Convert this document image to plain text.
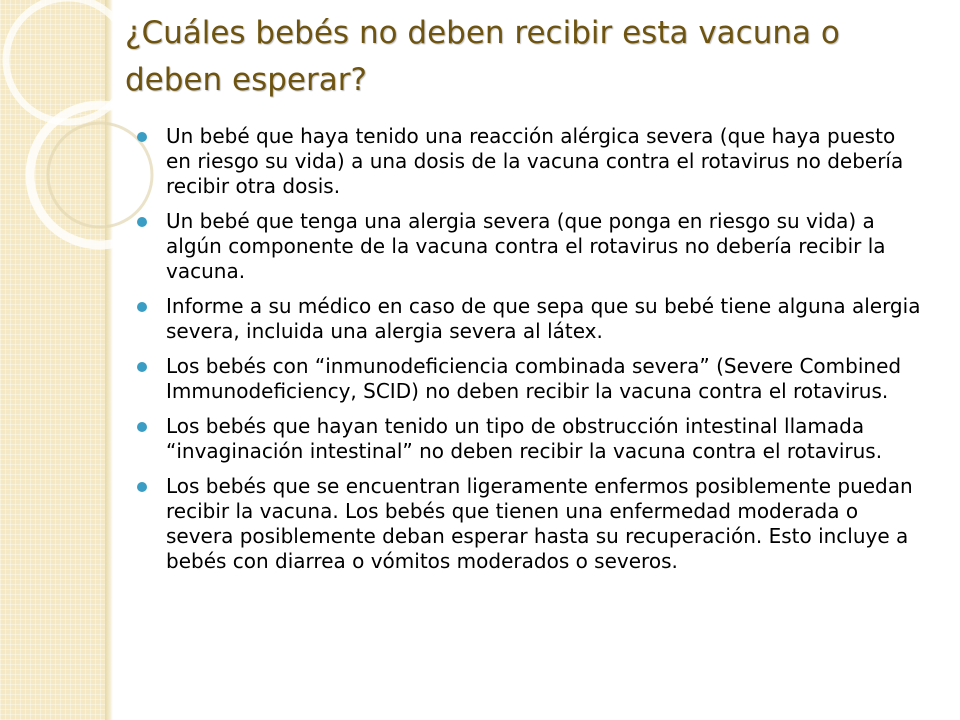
¿Cuáles bebés no deben recibir esta vacuna o deben esperar?
Un bebé que haya tenido una reacción alérgica severa (que haya puesto en riesgo su vida) a una dosis de la vacuna contra el rotavirus no debería recibir otra dosis.
Un bebé que tenga una alergia severa (que ponga en riesgo su vida) a algún componente de la vacuna contra el rotavirus no debería recibir la vacuna.
Informe a su médico en caso de que sepa que su bebé tiene alguna alergia severa, incluida una alergia severa al látex.
Los bebés con “inmunodeficiencia combinada severa” (Severe Combined Immunodeficiency, SCID) no deben recibir la vacuna contra el rotavirus.
Los bebés que hayan tenido un tipo de obstrucción intestinal llamada “invaginación intestinal” no deben recibir la vacuna contra el rotavirus.
Los bebés que se encuentran ligeramente enfermos posiblemente puedan recibir la vacuna. Los bebés que tienen una enfermedad moderada o severa posiblemente deban esperar hasta su recuperación. Esto incluye a bebés con diarrea o vómitos moderados o severos.
